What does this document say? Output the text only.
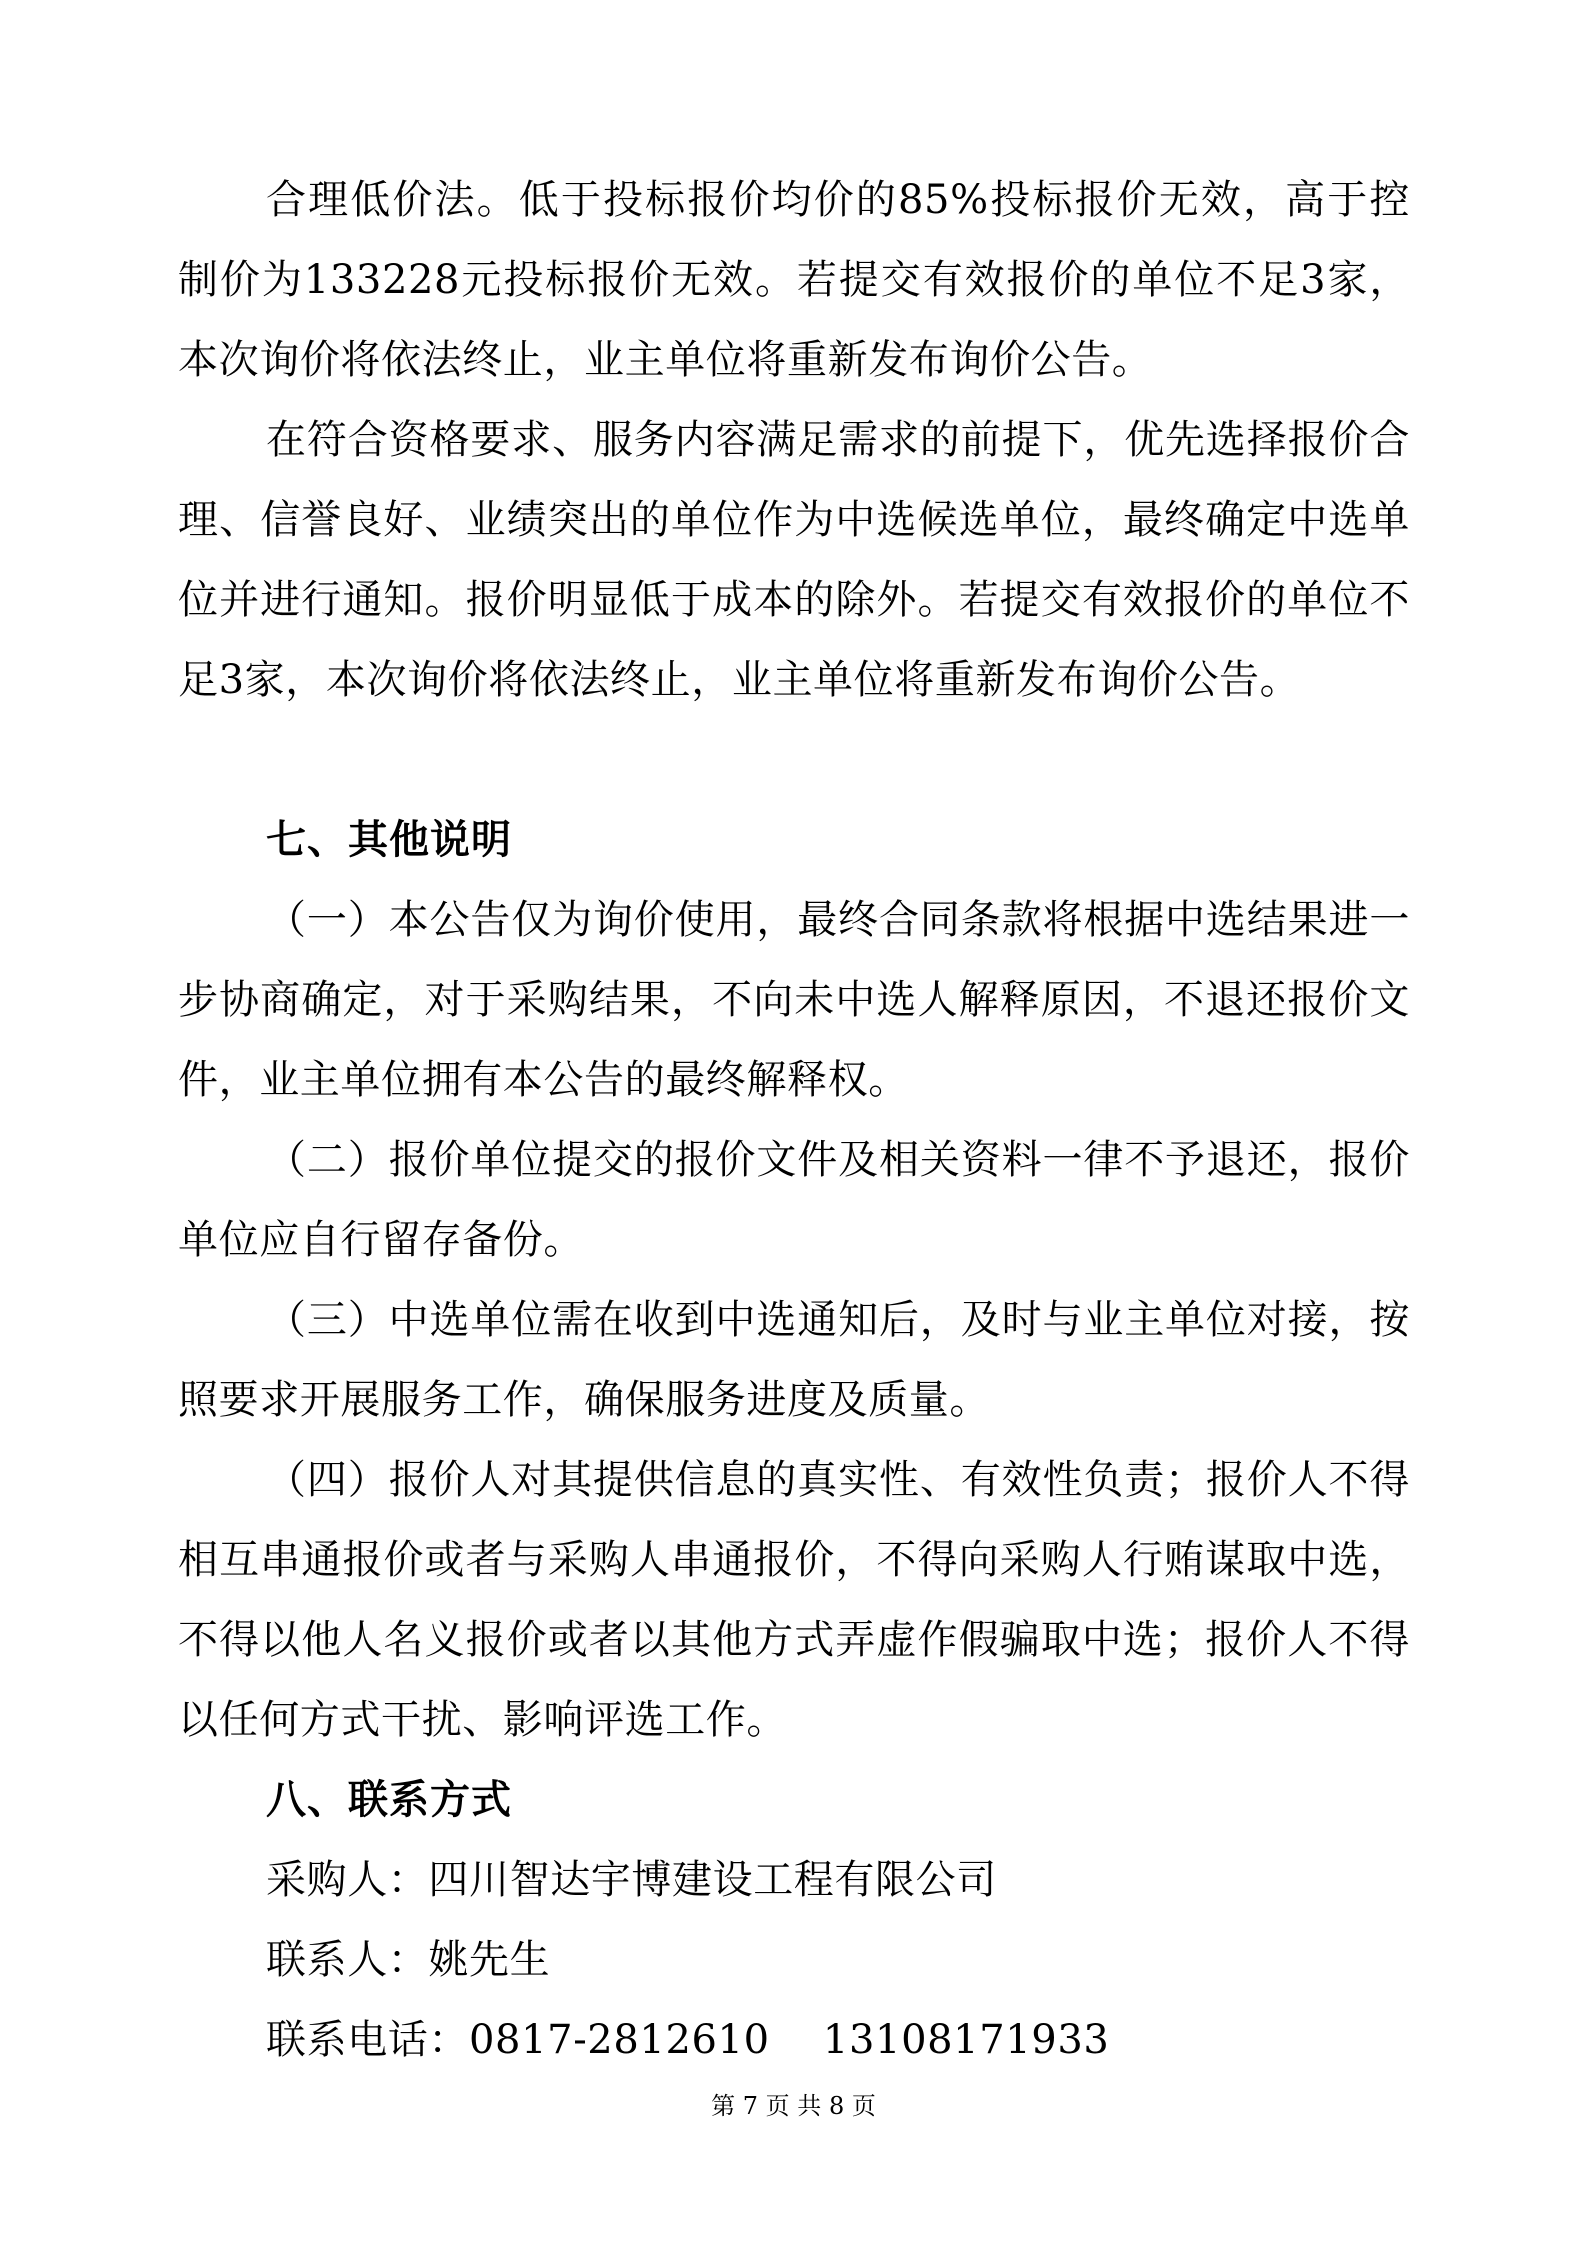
合理低价法。低于投标报价均价的85%投标报价无效，高于控制价为133228元投标报价无效。若提交有效报价的单位不足3家，本次询价将依法终止，业主单位将重新发布询价公告。

在符合资格要求、服务内容满足需求的前提下，优先选择报价合理、信誉良好、业绩突出的单位作为中选候选单位，最终确定中选单位并进行通知。报价明显低于成本的除外。若提交有效报价的单位不足3家，本次询价将依法终止，业主单位将重新发布询价公告。

七、其他说明

（一）本公告仅为询价使用，最终合同条款将根据中选结果进一步协商确定，对于采购结果，不向未中选人解释原因，不退还报价文件，业主单位拥有本公告的最终解释权。

（二）报价单位提交的报价文件及相关资料一律不予退还，报价单位应自行留存备份。

（三）中选单位需在收到中选通知后，及时与业主单位对接，按照要求开展服务工作，确保服务进度及质量。

（四）报价人对其提供信息的真实性、有效性负责；报价人不得相互串通报价或者与采购人串通报价，不得向采购人行贿谋取中选，不得以他人名义报价或者以其他方式弄虚作假骗取中选；报价人不得以任何方式干扰、影响评选工作。

八、联系方式
采购人：四川智达宇博建设工程有限公司
联系人：姚先生
联系电话：0817-2812610    13108171933
第 7 页 共 8 页
